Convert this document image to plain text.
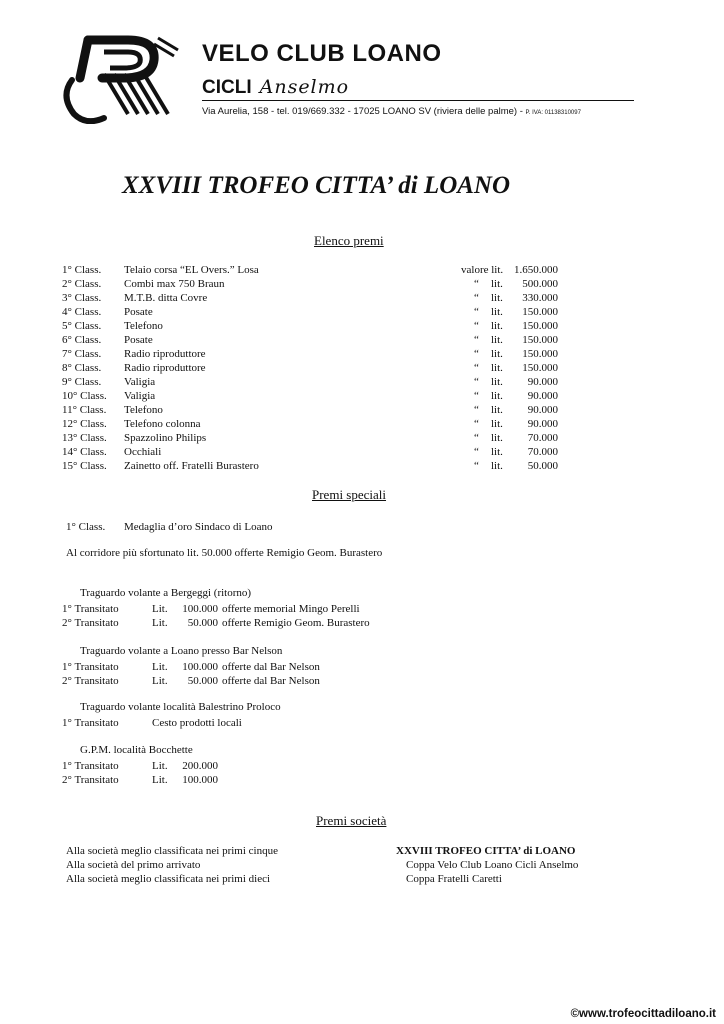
VELO CLUB LOANO
CICLI Anselmo
Via Aurelia, 158 - tel. 019/669.332 - 17025 LOANO SV (riviera delle palme) - P. IVA: 01138310097
XXVIII TROFEO CITTA’ di LOANO
Elenco premi
1° Class. Telaio corsa “EL Overs.” Losa	valore lit. 1.650.000
2° Class. Combi max 750 Braun	“ lit. 500.000
3° Class. M.T.B. ditta Covre	“ lit. 330.000
4° Class. Posate	“ lit. 150.000
5° Class. Telefono	“ lit. 150.000
6° Class. Posate	“ lit. 150.000
7° Class. Radio riproduttore	“ lit. 150.000
8° Class. Radio riproduttore	“ lit. 150.000
9° Class. Valigia	“ lit. 90.000
10° Class. Valigia	“ lit. 90.000
11° Class. Telefono	“ lit. 90.000
12° Class. Telefono colonna	“ lit. 90.000
13° Class. Spazzolino Philips	“ lit. 70.000
14° Class. Occhiali	“ lit. 70.000
15° Class. Zainetto off. Fratelli Burastero	“ lit. 50.000
Premi speciali
1° Class. Medaglia d’oro Sindaco di Loano
Al corridore più sfortunato lit. 50.000 offerte Remigio Geom. Burastero
Traguardo volante a Bergeggi (ritorno)
1° Transitato	Lit. 100.000 offerte memorial Mingo Perelli
2° Transitato	Lit. 50.000 offerte Remigio Geom. Burastero
Traguardo volante a Loano presso Bar Nelson
1° Transitato	Lit. 100.000 offerte dal Bar Nelson
2° Transitato	Lit. 50.000 offerte dal Bar Nelson
Traguardo volante località Balestrino Proloco
1° Transitato	Cesto prodotti locali
G.P.M. località Bocchette
1° Transitato	Lit. 200.000
2° Transitato	Lit. 100.000
Premi società
Alla società meglio classificata nei primi cinque	XXVIII TROFEO CITTA’ di LOANO
Alla società del primo arrivato	Coppa Velo Club Loano Cicli Anselmo
Alla società meglio classificata nei primi dieci	Coppa Fratelli Caretti
©www.trofeocittadiloano.it
